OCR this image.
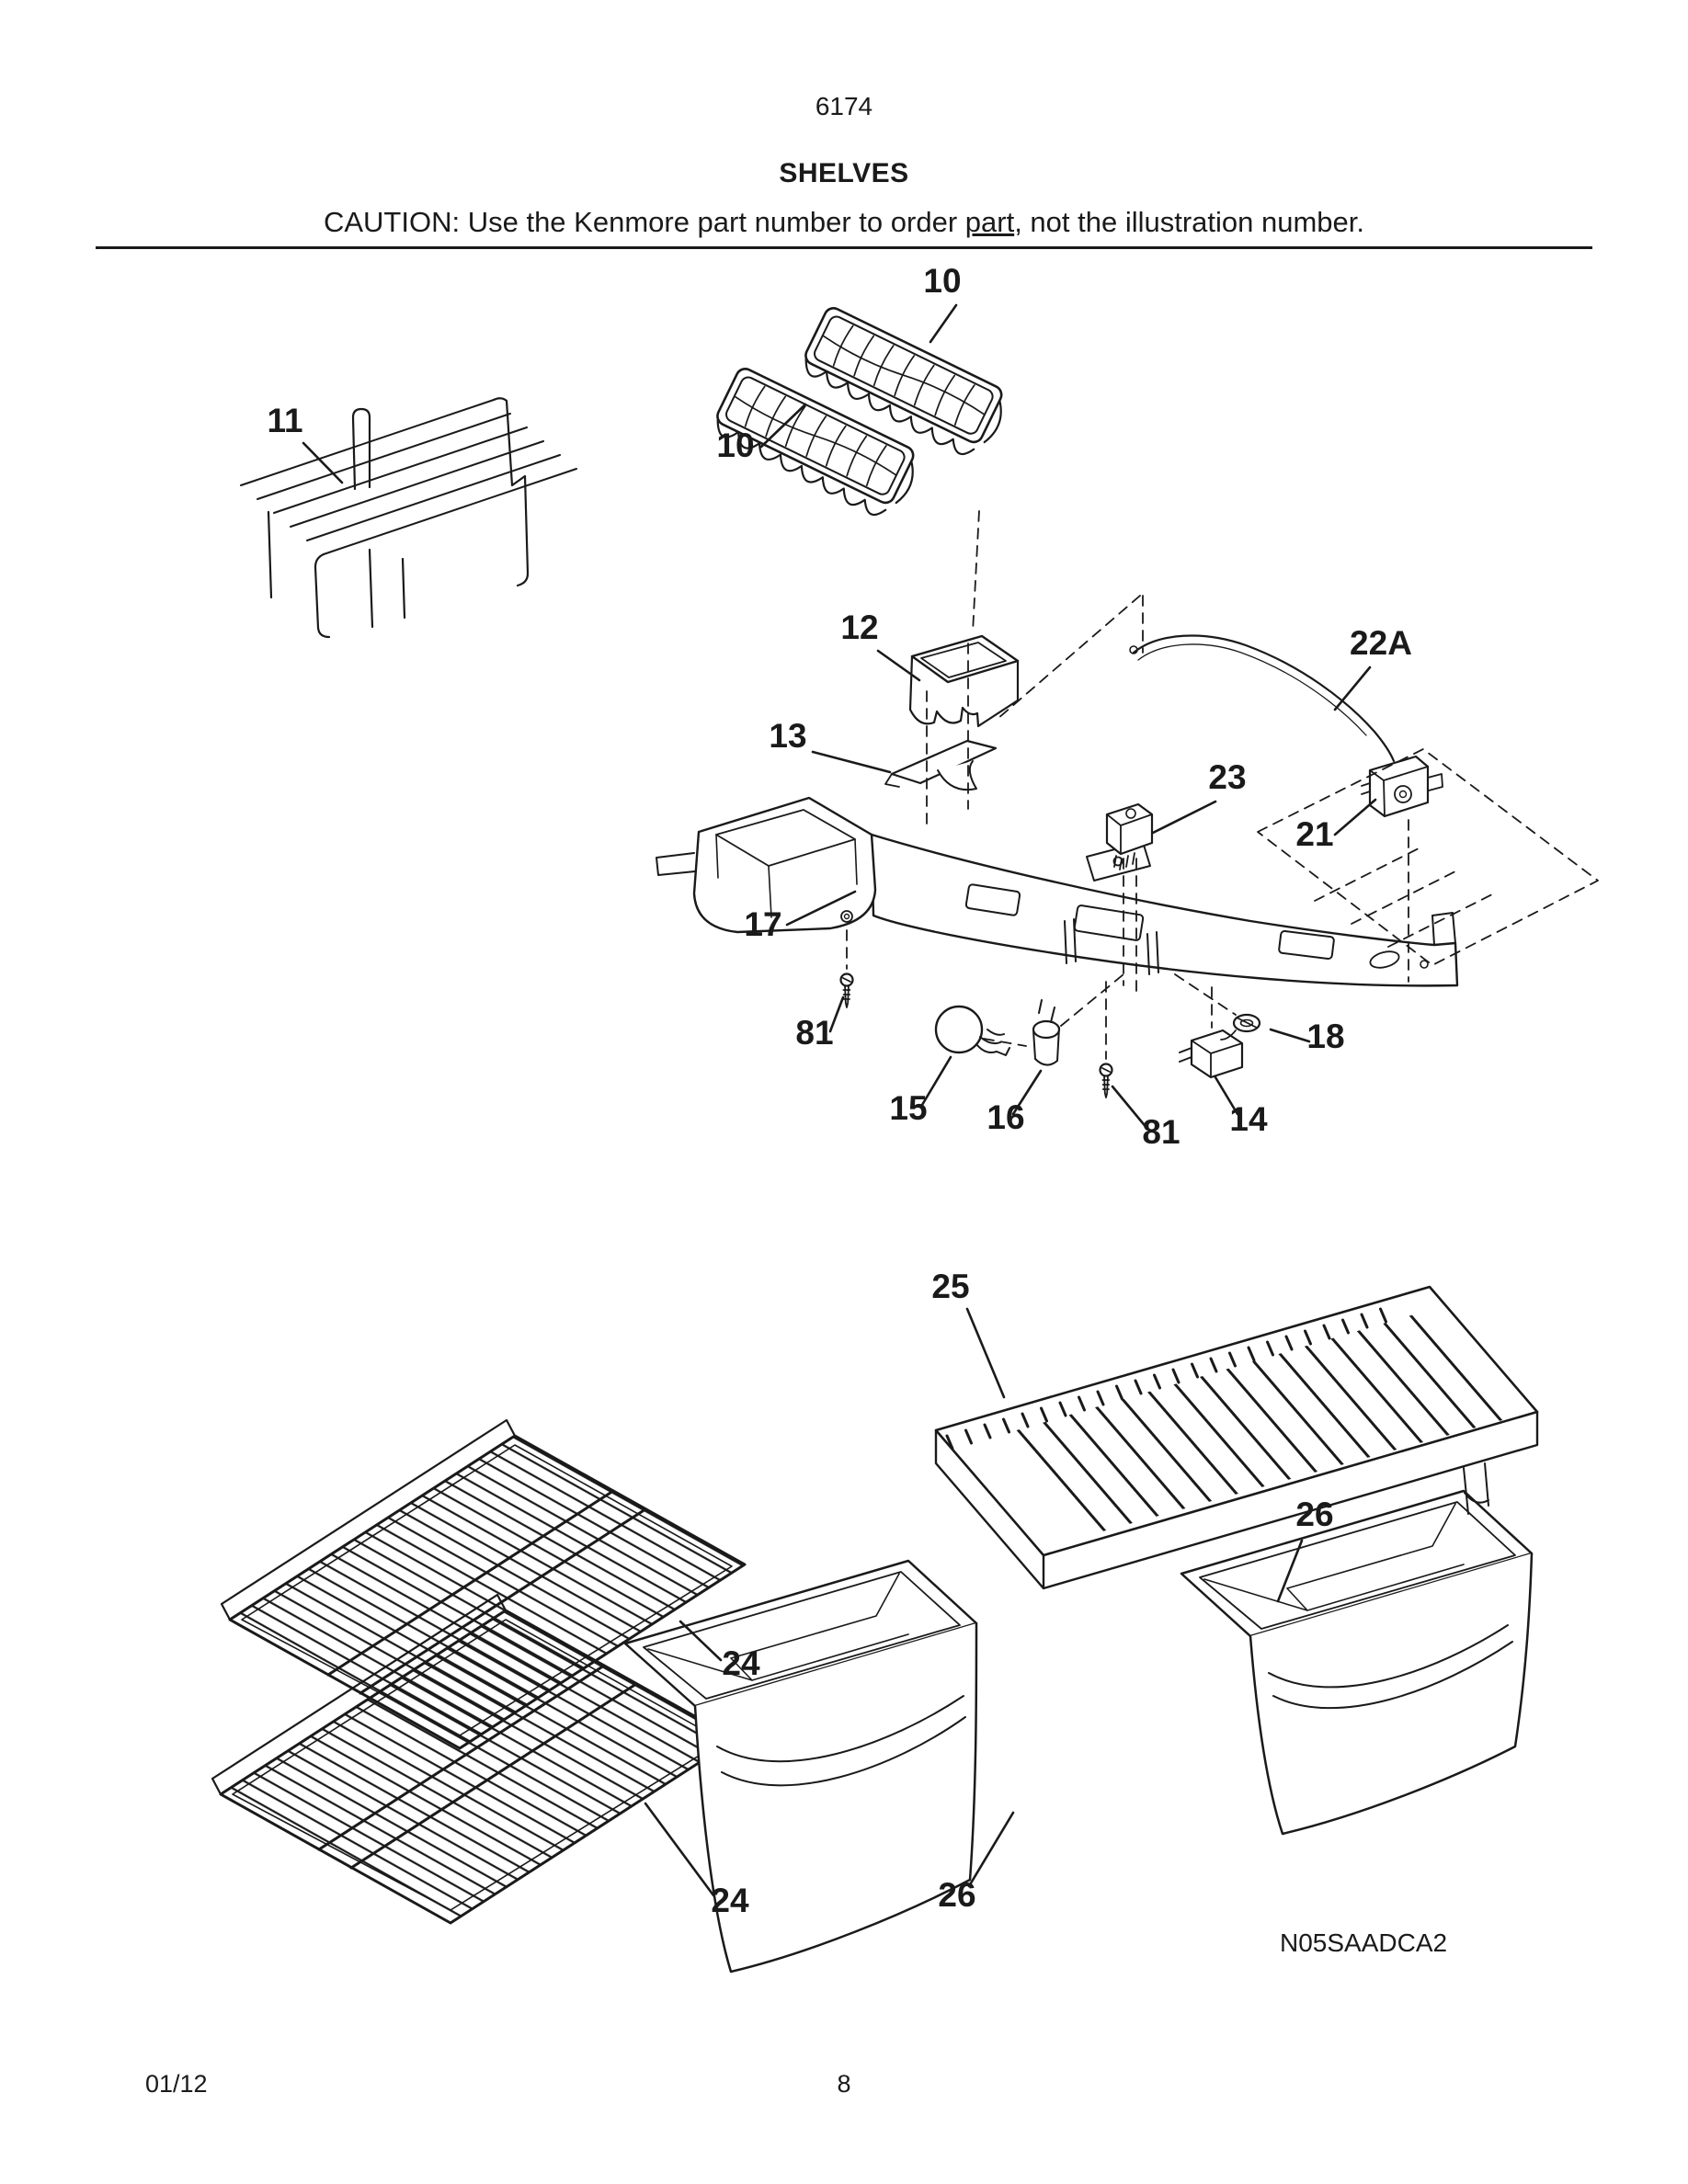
6174
SHELVES
CAUTION: Use the Kenmore part number to order part, not the illustration number.
10
10
11
12
13
22A
23
21
17
81
15 16	81 14
18
24
24
25
26
26
N05SAADCA2
01/12	8
